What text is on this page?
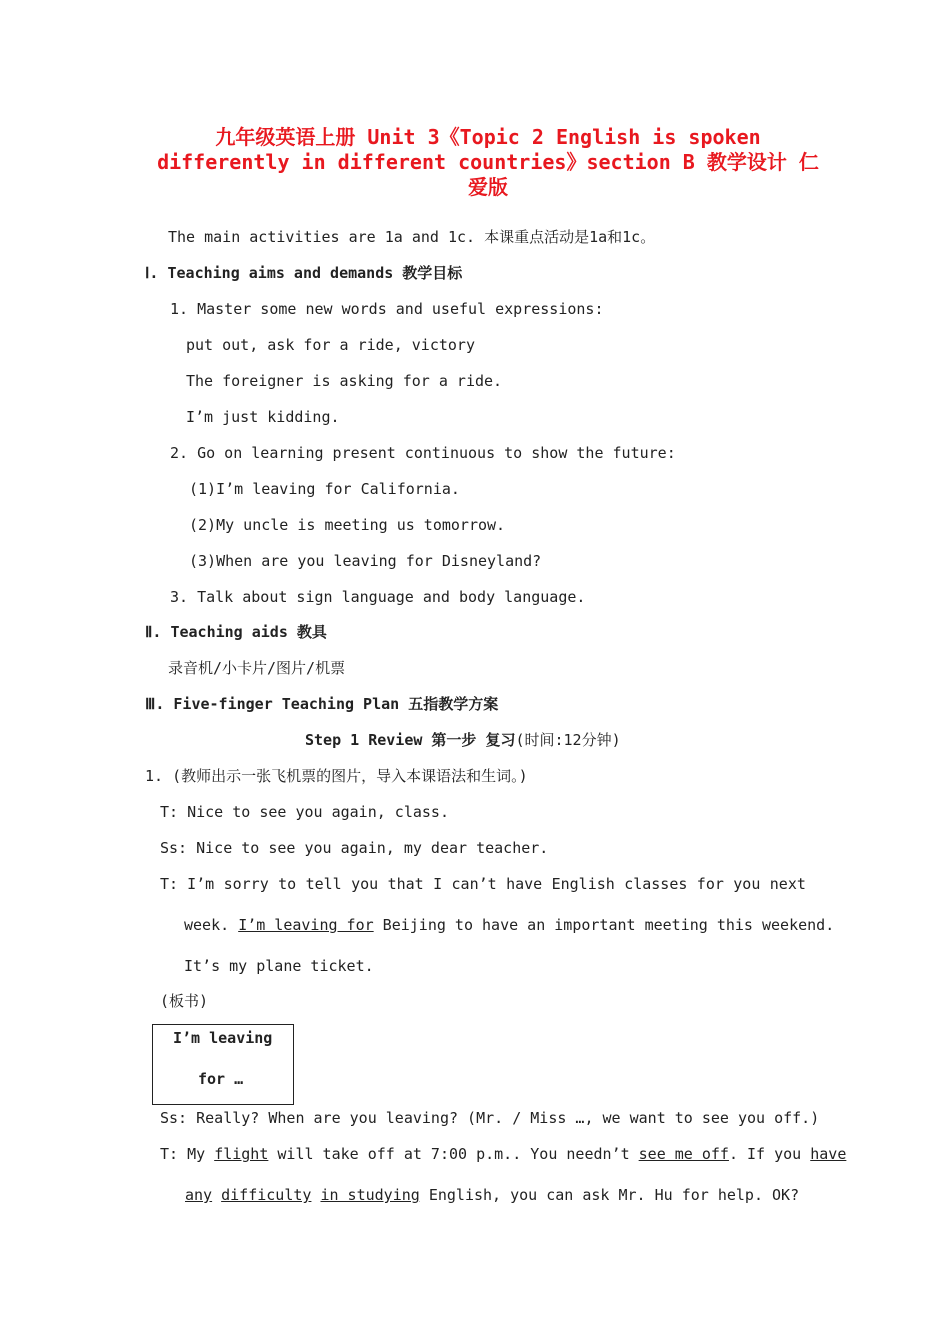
九年级英语上册 Unit 3《Topic 2 English is spoken
differently in different countries》section B 教学设计 仁
爱版
The main activities are 1a and 1c. 本课重点活动是1a和1c。
Ⅰ. Teaching aims and demands 教学目标
1. Master some new words and useful expressions:
put out, ask for a ride, victory
The foreigner is asking for a ride.
I’m just kidding.
2. Go on learning present continuous to show the future:
(1)I’m leaving for California.
(2)My uncle is meeting us tomorrow.
(3)When are you leaving for Disneyland?
3. Talk about sign language and body language.
Ⅱ. Teaching aids 教具
录音机/小卡片/图片/机票
Ⅲ. Five-finger Teaching Plan 五指教学方案
Step 1 Review 第一步 复习(时间:12分钟)
1. (教师出示一张飞机票的图片，导入本课语法和生词。)
T: Nice to see you again, class.
Ss: Nice to see you again, my dear teacher.
T: I’m sorry to tell you that I can’t have English classes for you next
week. I’m leaving for Beijing to have an important meeting this weekend.
It’s my plane ticket.
(板书)
I’m leaving
for …
Ss: Really? When are you leaving? (Mr. / Miss …, we want to see you off.)
T: My flight will take off at 7:00 p.m.. You needn’t see me off. If you have
any difficulty in studying English, you can ask Mr. Hu for help. OK?
